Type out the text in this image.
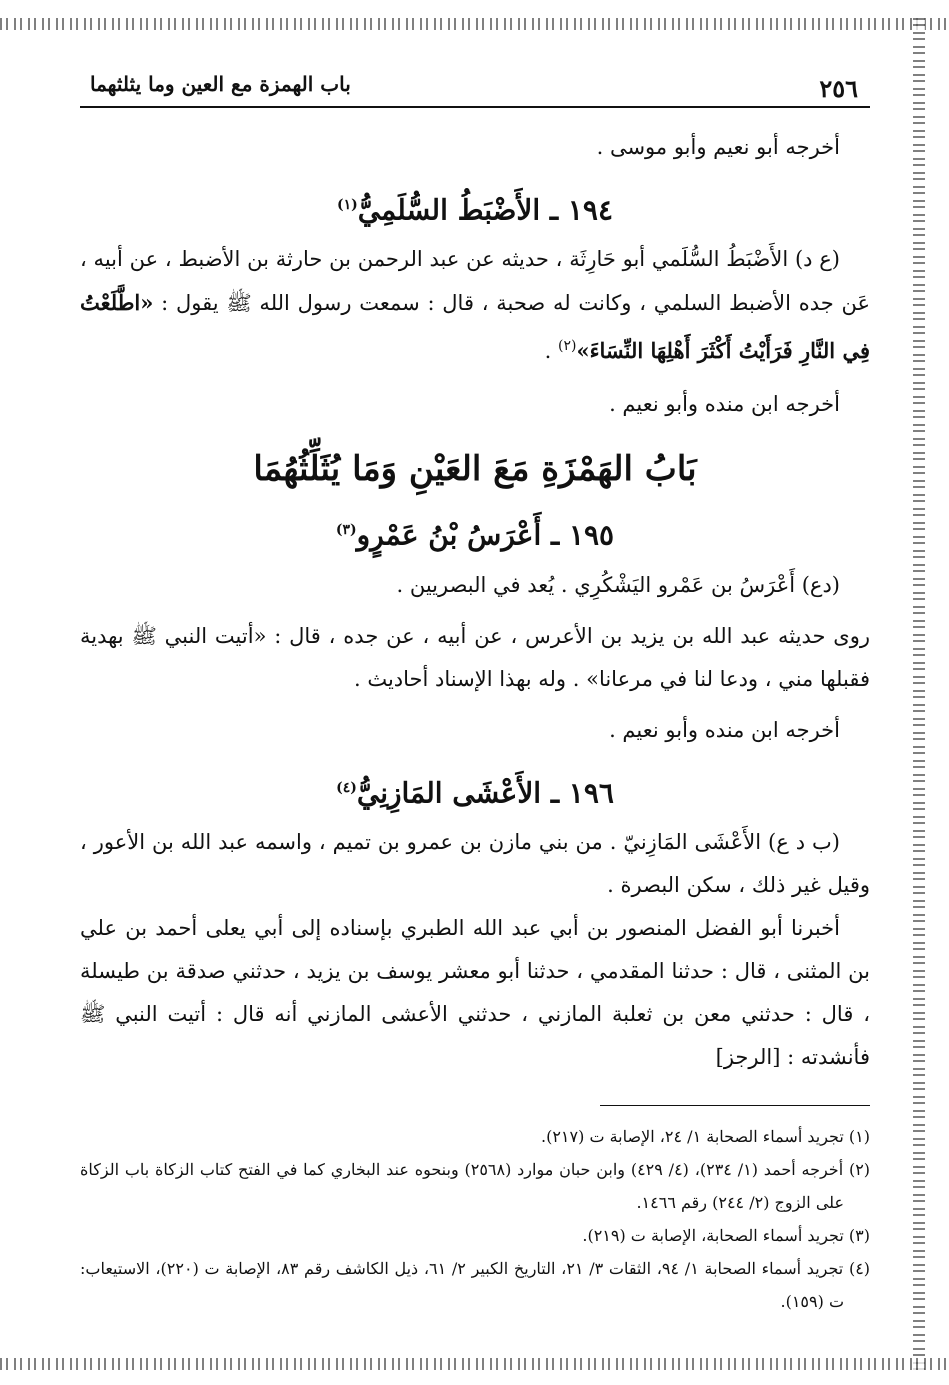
٢٥٦
باب الهمزة مع العين وما يثلثهما

أخرجه أبو نعيم وأبو موسى .

١٩٤ ـ الأَضْبَطُ السُّلَمِيُّ$^{(١)}$

(ع د) الأَضْبَطُ السُّلَمي أبو حَارِثَة ، حديثه عن عبد الرحمن بن حارثة بن الأضبط ، عن أبيه ، عَن جده الأضبط السلمي ، وكانت له صحبة ، قال : سمعت رسول الله ﷺ يقول : «اطَّلَعْتُ فِي النَّارِ فَرَأَيْتُ أَكْثَرَ أَهْلِهَا النِّسَاءَ»$^{(٢)}$ .

أخرجه ابن منده وأبو نعيم .

بَابُ الهَمْزَةِ مَعَ العَيْنِ وَمَا يُثَلِّثُهُمَا
١٩٥ ـ أَعْرَسُ بْنُ عَمْرٍو$^{(٣)}$

(دع) أَعْرَسُ بن عَمْرو اليَشْكُرِي . يُعد في البصريين .

روى حديثه عبد الله بن يزيد بن الأعرس ، عن أبيه ، عن جده ، قال : «أتيت النبي ﷺ بهدية فقبلها مني ، ودعا لنا في مرعانا» . وله بهذا الإسناد أحاديث .

أخرجه ابن منده وأبو نعيم .

١٩٦ ـ الأَعْشَى المَازِنِيُّ$^{(٤)}$

(ب د ع) الأَعْشَى المَازِنيّ . من بني مازن بن عمرو بن تميم ، واسمه عبد الله بن الأعور ، وقيل غير ذلك ، سكن البصرة .

أخبرنا أبو الفضل المنصور بن أبي عبد الله الطبري بإسناده إلى أبي يعلى أحمد بن علي بن المثنى ، قال : حدثنا المقدمي ، حدثنا أبو معشر يوسف بن يزيد ، حدثني صدقة بن طيسلة ، قال : حدثني معن بن ثعلبة المازني ، حدثني الأعشى المازني أنه قال : أتيت النبي ﷺ فأنشدته : [الرجز]

(١) تجريد أسماء الصحابة ١/ ٢٤، الإصابة ت (٢١٧).

(٢) أخرجه أحمد (١/ ٢٣٤)، (٤/ ٤٢٩) وابن حبان موارد (٢٥٦٨) وبنحوه عند البخاري كما في الفتح كتاب الزكاة باب الزكاة على الزوج (٢/ ٢٤٤) رقم ١٤٦٦.

(٣) تجريد أسماء الصحابة، الإصابة ت (٢١٩).

(٤) تجريد أسماء الصحابة ١/ ٩٤، الثقات ٣/ ٢١، التاريخ الكبير ٢/ ٦١، ذيل الكاشف رقم ٨٣، الإصابة ت (٢٢٠)، الاستيعاب: ت (١٥٩).
